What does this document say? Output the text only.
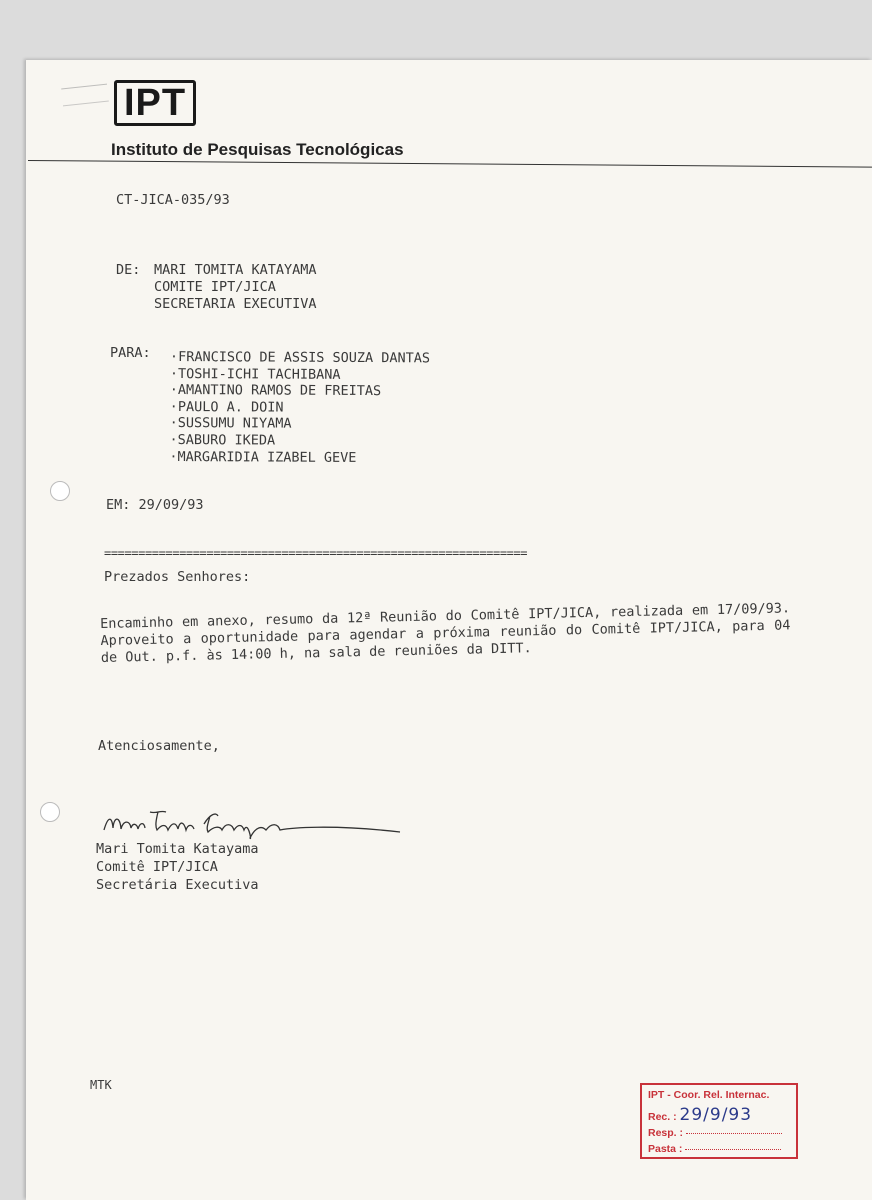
IPT
Instituto de Pesquisas Tecnológicas
CT-JICA-035/93
DE: MARI TOMITA KATAYAMA
COMITE IPT/JICA
SECRETARIA EXECUTIVA
PARA:
·	FRANCISCO DE ASSIS SOUZA DANTAS
· TOSHI-ICHI TACHIBANA
· AMANTINO RAMOS DE FREITAS
· PAULO A. DOIN
· SUSSUMU NIYAMA
· SABURO IKEDA
· MARGARIDIA IZABEL GEVE
EM: 29/09/93
==============================================================
Prezados Senhores:
Encaminho em anexo, resumo da 12ª Reunião do Comitê IPT/JICA, realizada em 17/09/93. Aproveito a oportunidade para agendar a próxima reunião do Comitê IPT/JICA, para 04 de Out. p.f. às 14:00 h, na sala de reuniões da DITT.
Atenciosamente,
Mari Tomita Katayama
Comitê IPT/JICA
Secretária Executiva
MTK
IPT - Coor. Rel. Internac.
Rec. : 29/9/93
Resp. :
Pasta :
